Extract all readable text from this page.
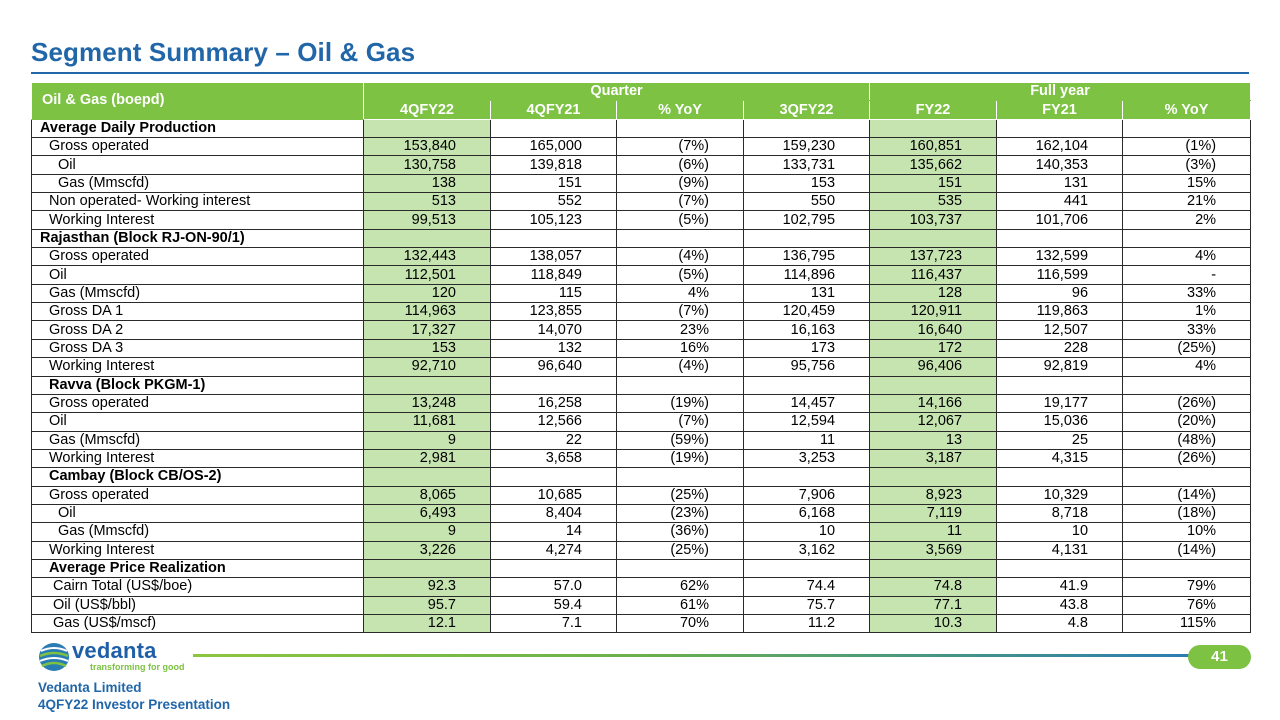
Segment Summary – Oil & Gas
Oil & Gas (boepd)	Quarter				Full year		
	4QFY22	4QFY21	% YoY	3QFY22	FY22	FY21	% YoY
Average Daily Production							
Gross operated	153,840	165,000	(7%)	159,230	160,851	162,104	(1%)
Oil	130,758	139,818	(6%)	133,731	135,662	140,353	(3%)
Gas (Mmscfd)	138	151	(9%)	153	151	131	15%
Non operated- Working interest	513	552	(7%)	550	535	441	21%
Working Interest	99,513	105,123	(5%)	102,795	103,737	101,706	2%
Rajasthan (Block RJ-ON-90/1)							
Gross operated	132,443	138,057	(4%)	136,795	137,723	132,599	4%
Oil	112,501	118,849	(5%)	114,896	116,437	116,599	-
Gas (Mmscfd)	120	115	4%	131	128	96	33%
Gross DA 1	114,963	123,855	(7%)	120,459	120,911	119,863	1%
Gross DA 2	17,327	14,070	23%	16,163	16,640	12,507	33%
Gross DA 3	153	132	16%	173	172	228	(25%)
Working Interest	92,710	96,640	(4%)	95,756	96,406	92,819	4%
Ravva (Block PKGM-1)							
Gross operated	13,248	16,258	(19%)	14,457	14,166	19,177	(26%)
Oil	11,681	12,566	(7%)	12,594	12,067	15,036	(20%)
Gas (Mmscfd)	9	22	(59%)	11	13	25	(48%)
Working Interest	2,981	3,658	(19%)	3,253	3,187	4,315	(26%)
Cambay (Block CB/OS-2)							
Gross operated	8,065	10,685	(25%)	7,906	8,923	10,329	(14%)
Oil	6,493	8,404	(23%)	6,168	7,119	8,718	(18%)
Gas (Mmscfd)	9	14	(36%)	10	11	10	10%
Working Interest	3,226	4,274	(25%)	3,162	3,569	4,131	(14%)
Average Price Realization							
Cairn Total (US$/boe)	92.3	57.0	62%	74.4	74.8	41.9	79%
Oil (US$/bbl)	95.7	59.4	61%	75.7	77.1	43.8	76%
Gas (US$/mscf)	12.1	7.1	70%	11.2	10.3	4.8	115%
vedanta
transforming for good
41
Vedanta Limited
4QFY22 Investor Presentation
